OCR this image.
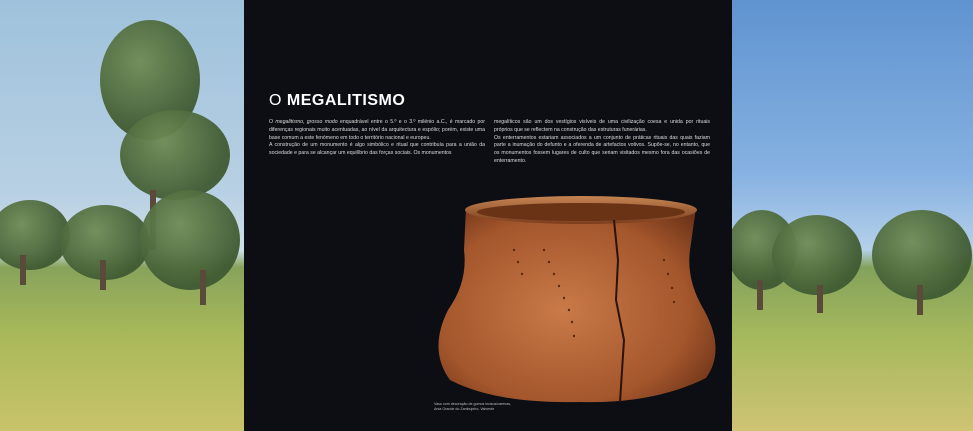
O MEGALITISMO

O megalitismo, grosso modo enquadrável entre o 5.º e o 3.º milénio a.C., é marcado por diferenças regionais muito acentuadas, ao nível da arquitectura e espólio; porém, existe uma base comum a este fenómeno em todo o território nacional e europeu.

A construção de um monumento é algo simbólico e ritual que contribuía para a união da sociedade e para se alcançar um equilíbrio das forças sociais. Os monumentos

megalíticos são um dos vestígios visíveis de uma civilização coesa e unida por rituais próprios que se reflectem na construção das estruturas funerárias.

Os enterramentos estariam associados a um conjunto de práticas rituais das quais faziam parte a inumação do defunto e a oferenda de artefactos votivos. Supõe-se, no entanto, que os monumentos fossem lugares de culto que seriam visitados mesmo fora das ocasiões de enterramento.

Vaso com decoração de gomos incisos/carenas,
Anta Grande do Zambujeiro, Valverde
